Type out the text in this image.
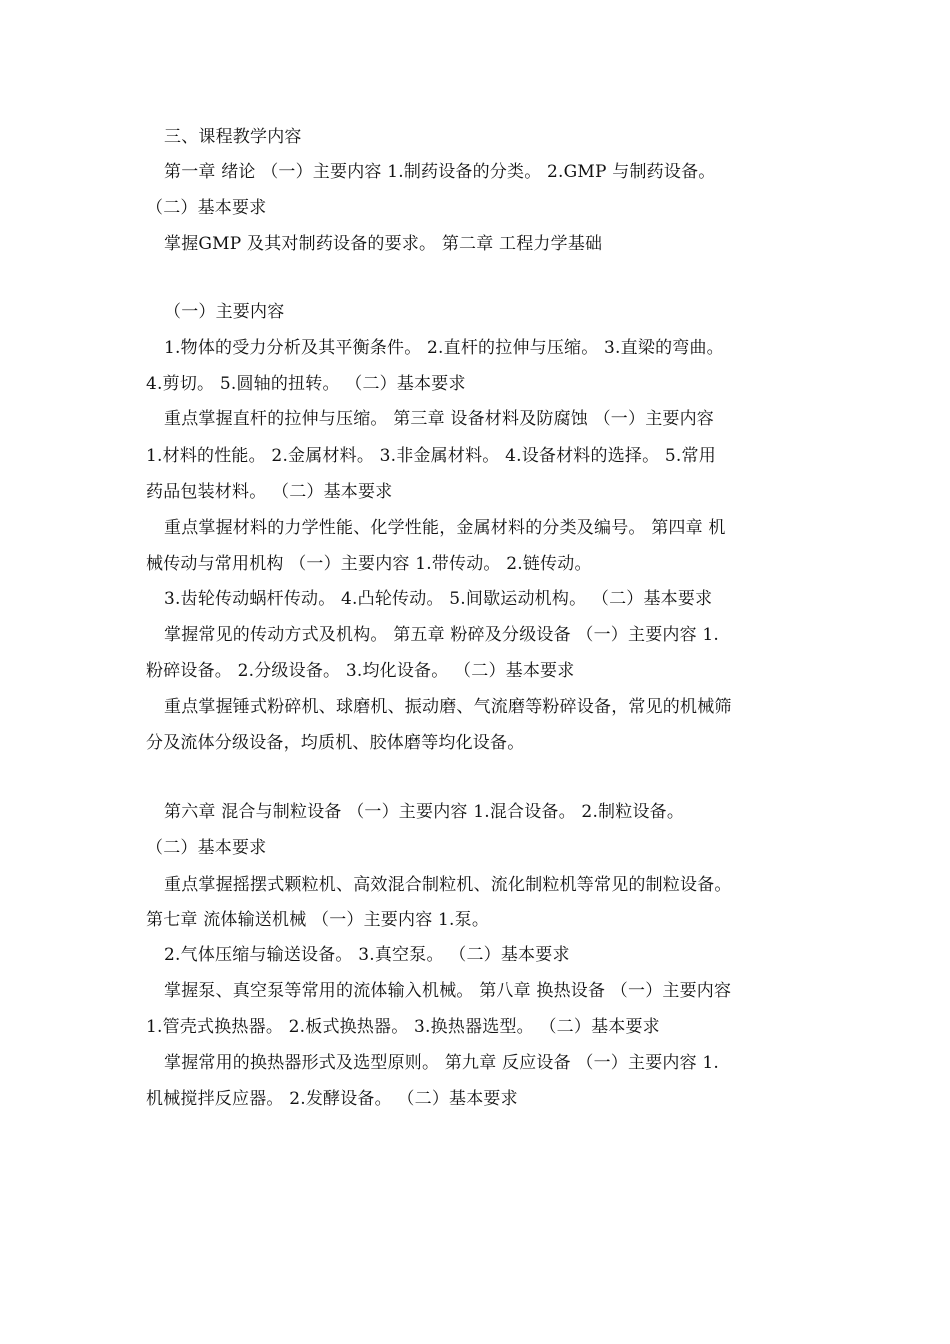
三、课程教学内容
第一章 绪论 （一）主要内容 1.制药设备的分类。 2.GMP 与制药设备。
（二）基本要求
掌握GMP 及其对制药设备的要求。 第二章 工程力学基础
（一）主要内容
1.物体的受力分析及其平衡条件。 2.直杆的拉伸与压缩。 3.直梁的弯曲。
4.剪切。 5.圆轴的扭转。 （二）基本要求
重点掌握直杆的拉伸与压缩。 第三章 设备材料及防腐蚀 （一）主要内容
1.材料的性能。 2.金属材料。 3.非金属材料。 4.设备材料的选择。 5.常用
药品包装材料。 （二）基本要求
重点掌握材料的力学性能、化学性能，金属材料的分类及编号。 第四章 机
械传动与常用机构 （一）主要内容 1.带传动。 2.链传动。
3.齿轮传动蜗杆传动。 4.凸轮传动。 5.间歇运动机构。 （二）基本要求
掌握常见的传动方式及机构。 第五章 粉碎及分级设备 （一）主要内容 1.
粉碎设备。 2.分级设备。 3.均化设备。 （二）基本要求
重点掌握锤式粉碎机、球磨机、振动磨、气流磨等粉碎设备，常见的机械筛
分及流体分级设备，均质机、胶体磨等均化设备。
第六章 混合与制粒设备 （一）主要内容 1.混合设备。 2.制粒设备。
（二）基本要求
重点掌握摇摆式颗粒机、高效混合制粒机、流化制粒机等常见的制粒设备。
第七章 流体输送机械 （一）主要内容 1.泵。
2.气体压缩与输送设备。 3.真空泵。 （二）基本要求
掌握泵、真空泵等常用的流体输入机械。 第八章 换热设备 （一）主要内容
1.管壳式换热器。 2.板式换热器。 3.换热器选型。 （二）基本要求
掌握常用的换热器形式及选型原则。 第九章 反应设备 （一）主要内容 1.
机械搅拌反应器。 2.发酵设备。 （二）基本要求
